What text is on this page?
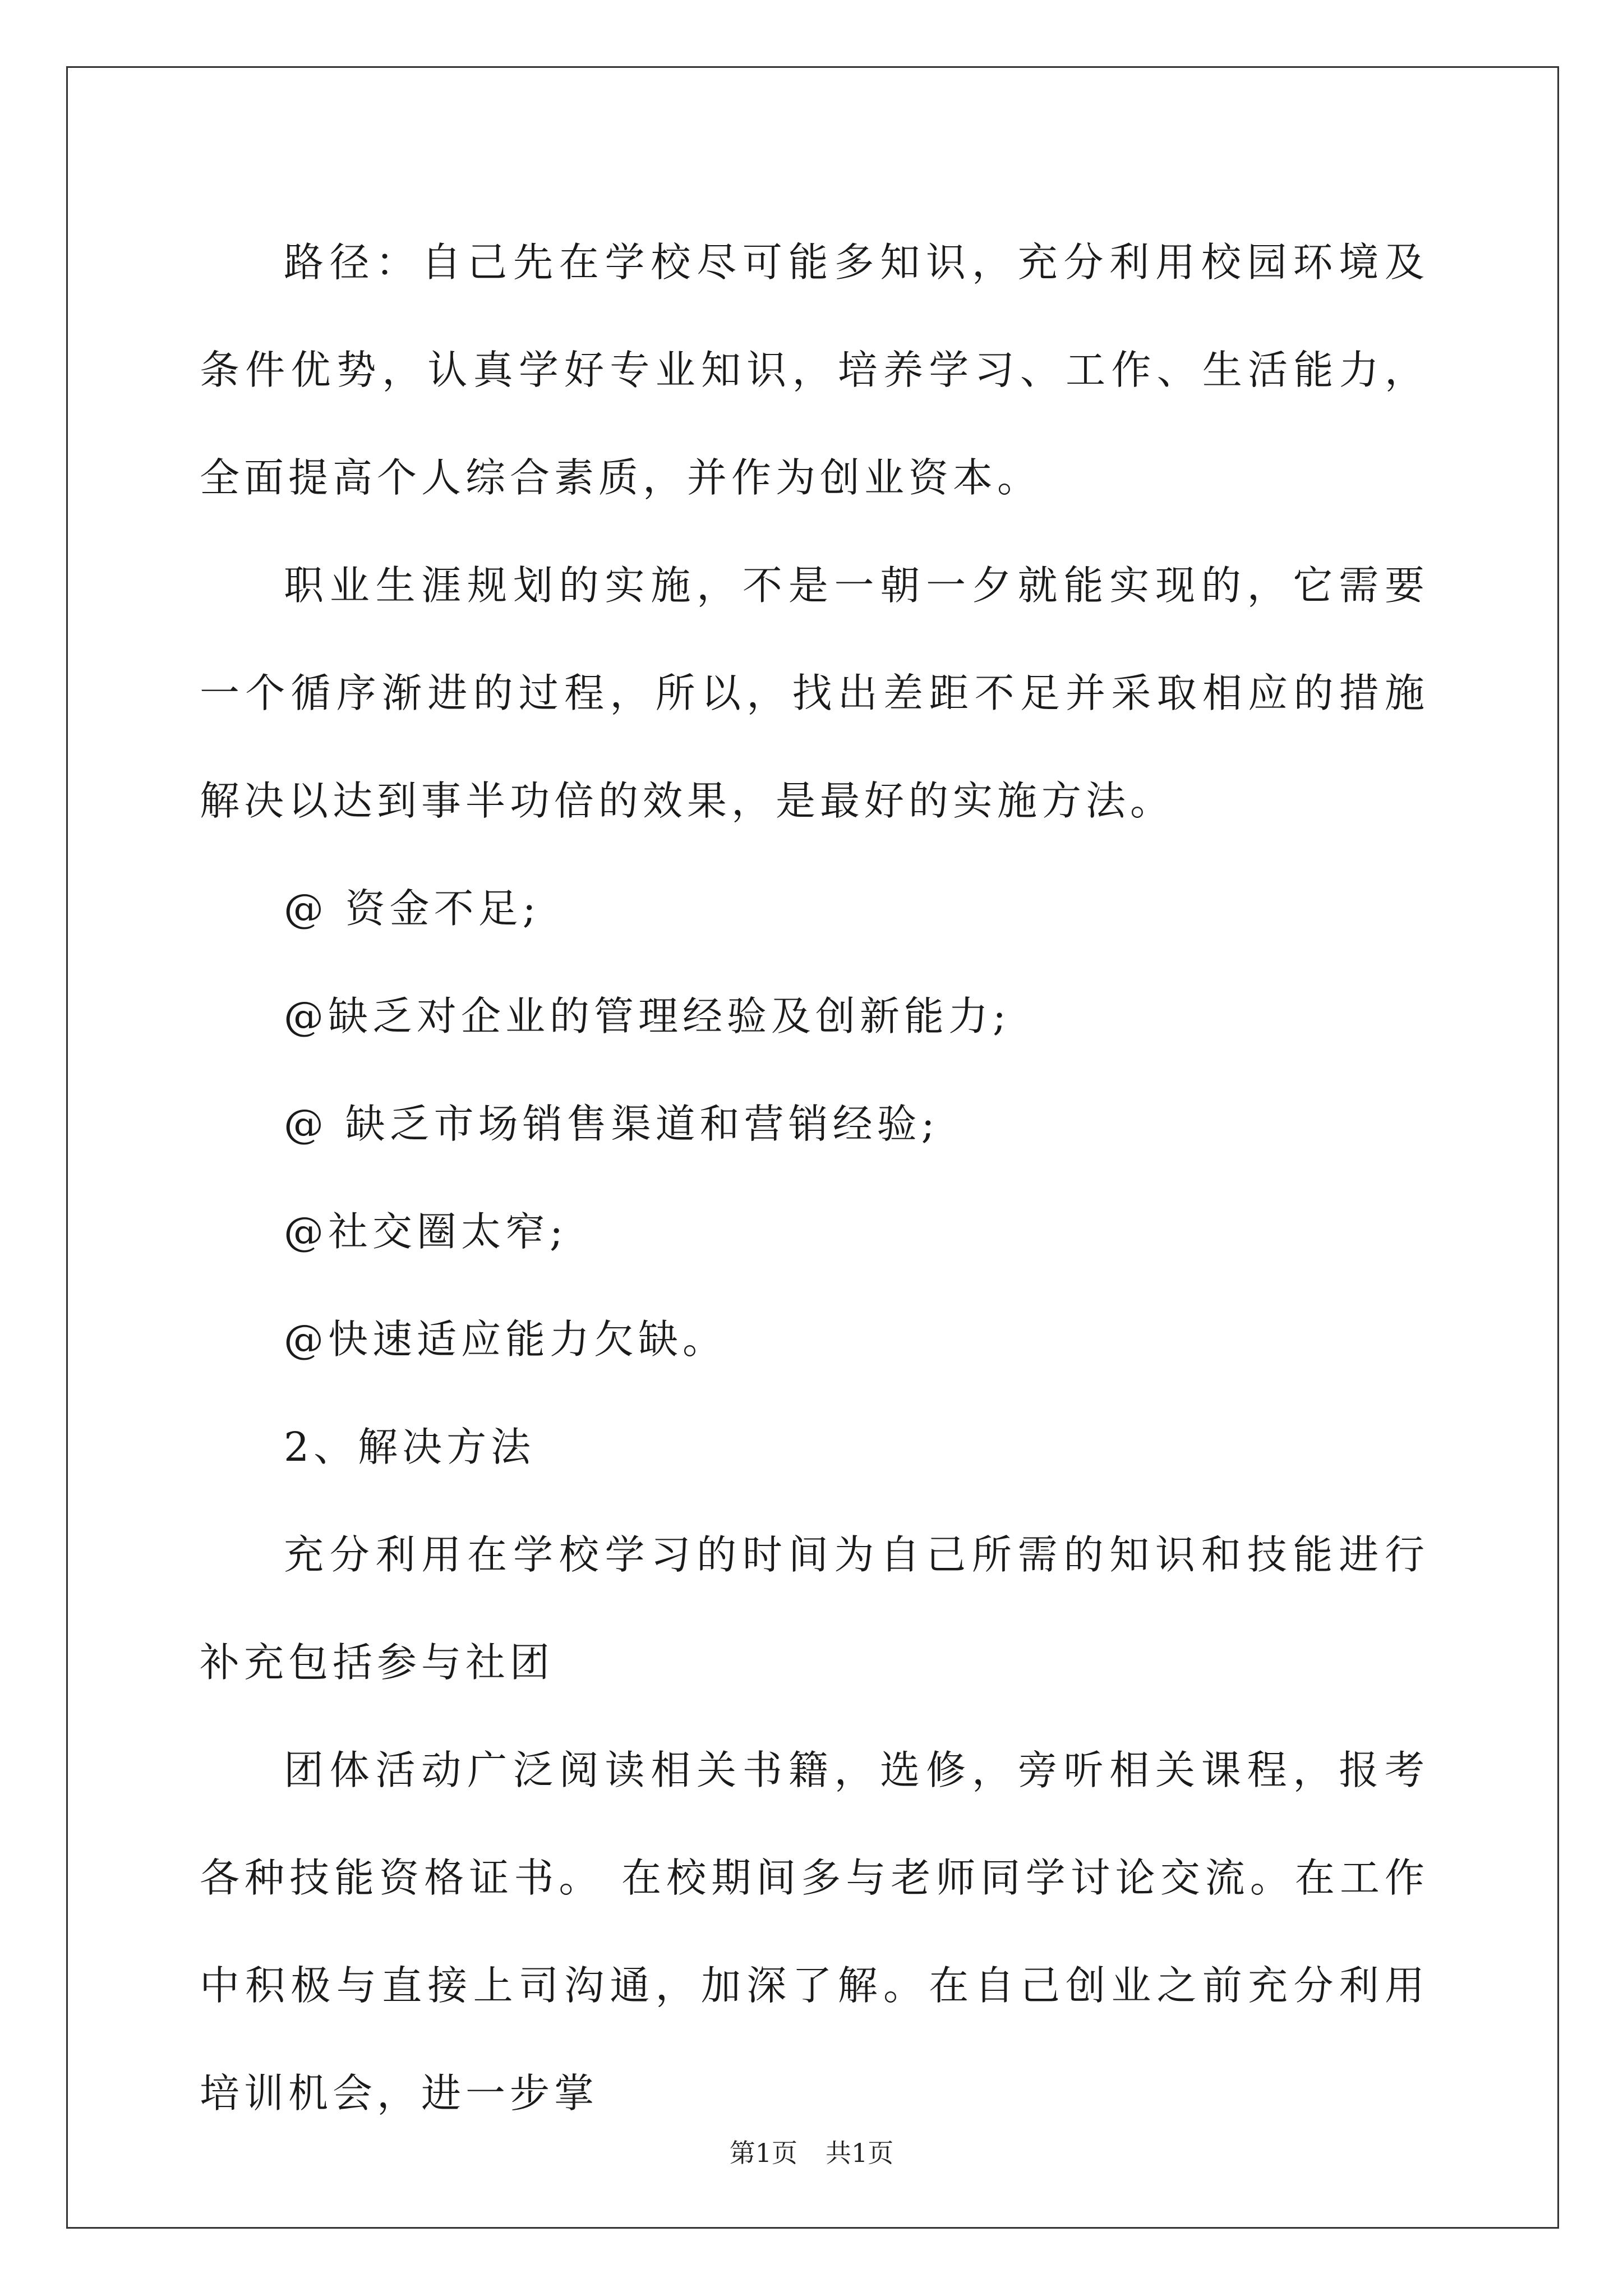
路径：自己先在学校尽可能多知识，充分利用校园环境及条件优势，认真学好专业知识，培养学习、工作、生活能力，全面提高个人综合素质，并作为创业资本。

职业生涯规划的实施，不是一朝一夕就能实现的，它需要一个循序渐进的过程，所以，找出差距不足并采取相应的措施解决以达到事半功倍的效果，是最好的实施方法。

@ 资金不足;

@缺乏对企业的管理经验及创新能力;

@ 缺乏市场销售渠道和营销经验;

@社交圈太窄;

@快速适应能力欠缺。

2、解决方法

充分利用在学校学习的时间为自己所需的知识和技能进行补充包括参与社团

团体活动广泛阅读相关书籍，选修，旁听相关课程，报考各种技能资格证书。 在校期间多与老师同学讨论交流。在工作中积极与直接上司沟通，加深了解。在自己创业之前充分利用培训机会，进一步掌

第1页 共1页
